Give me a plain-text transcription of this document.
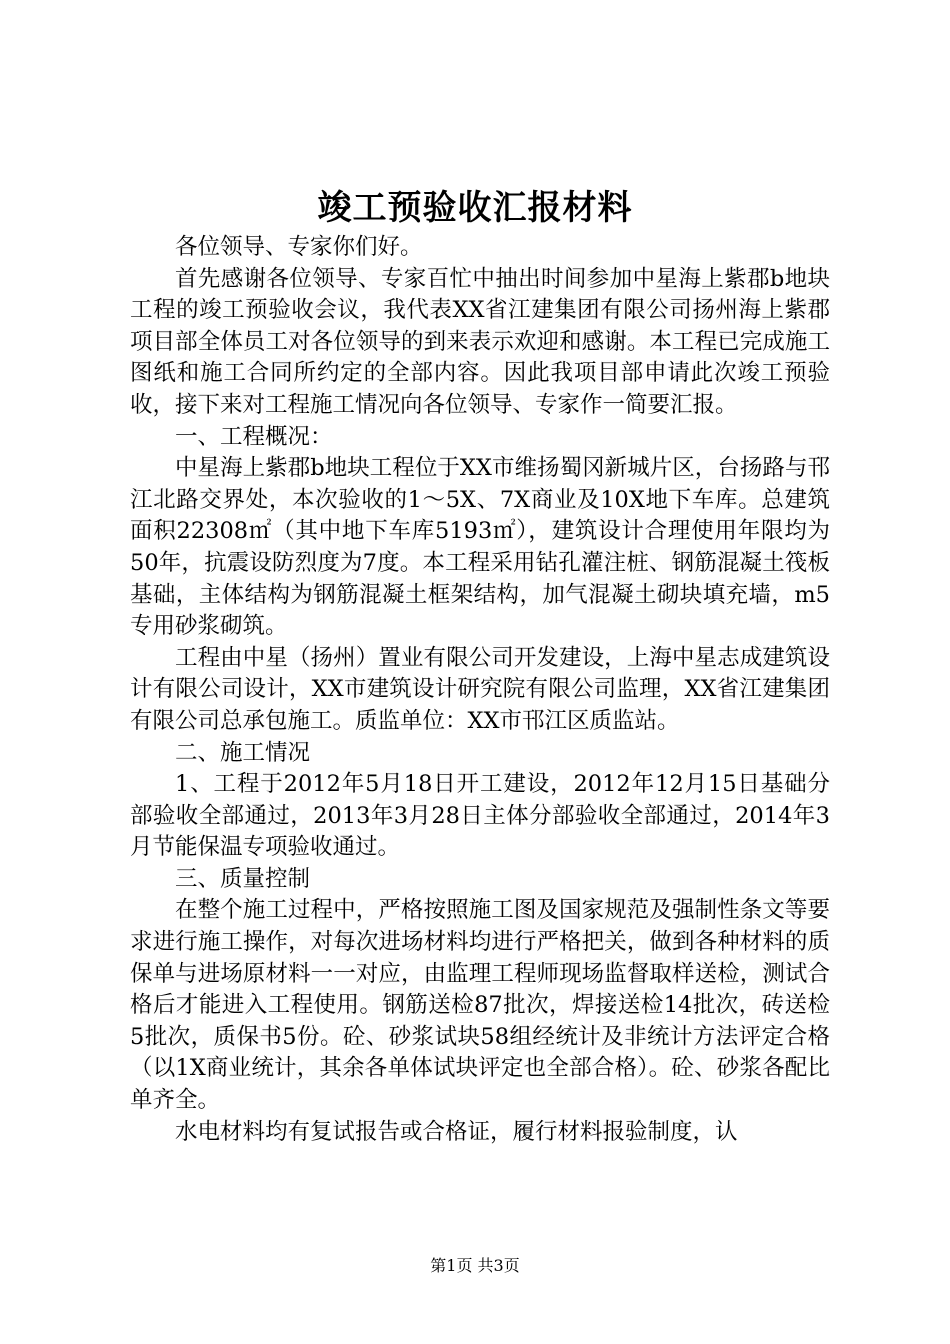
竣工预验收汇报材料

各位领导、专家你们好。

首先感谢各位领导、专家百忙中抽出时间参加中星海上紫郡b地块工程的竣工预验收会议，我代表XX省江建集团有限公司扬州海上紫郡项目部全体员工对各位领导的到来表示欢迎和感谢。本工程已完成施工图纸和施工合同所约定的全部内容。因此我项目部申请此次竣工预验收，接下来对工程施工情况向各位领导、专家作一简要汇报。

一、工程概况：

中星海上紫郡b地块工程位于XX市维扬蜀冈新城片区，台扬路与邗江北路交界处，本次验收的1～5X、7X商业及10X地下车库。总建筑面积22308㎡（其中地下车库5193㎡），建筑设计合理使用年限均为50年，抗震设防烈度为7度。本工程采用钻孔灌注桩、钢筋混凝土筏板基础，主体结构为钢筋混凝土框架结构，加气混凝土砌块填充墙，m5专用砂浆砌筑。

工程由中星（扬州）置业有限公司开发建设，上海中星志成建筑设计有限公司设计，XX市建筑设计研究院有限公司监理，XX省江建集团有限公司总承包施工。质监单位：XX市邗江区质监站。

二、施工情况

1、工程于2012年5月18日开工建设，2012年12月15日基础分部验收全部通过，2013年3月28日主体分部验收全部通过，2014年3月节能保温专项验收通过。

三、质量控制

在整个施工过程中，严格按照施工图及国家规范及强制性条文等要求进行施工操作，对每次进场材料均进行严格把关，做到各种材料的质保单与进场原材料一一对应，由监理工程师现场监督取样送检，测试合格后才能进入工程使用。钢筋送检87批次，焊接送检14批次，砖送检5批次，质保书5份。砼、砂浆试块58组经统计及非统计方法评定合格（以1X商业统计，其余各单体试块评定也全部合格）。砼、砂浆各配比单齐全。

水电材料均有复试报告或合格证，履行材料报验制度，认

第1页 共3页
